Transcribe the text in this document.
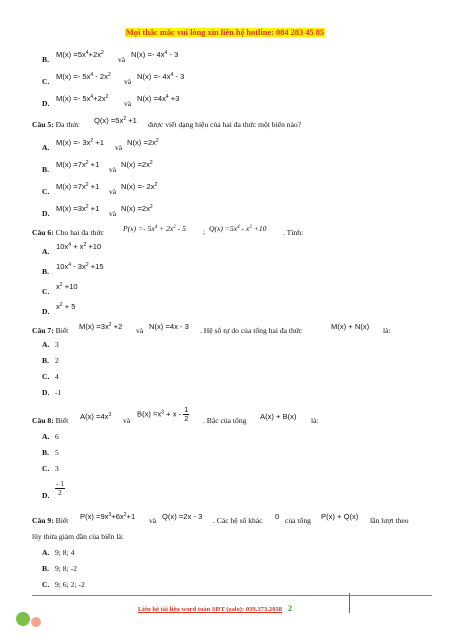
Mọi thắc mắc vui lòng xin liên hệ hotline: 084 283 45 85
B.
$M(x) =5x^4+2x^2$
và
$N(x) =- 4x^4 - 3$
C.
$M(x) =- 5x^4 - 2x^2$
và
$N(x) =- 4x^4 - 3$
D.
$M(x) =- 5x^4+2x^2$
và
$N(x) =4x^4 +3$
Câu 5: Đa thức $Q(x) =5x^2 +1$ được viết dạng hiệu của hai đa thức một biến nào?
A.
$M(x) =- 3x^2 +1$
và
$N(x) =2x^2$
B.
$M(x) =7x^2 +1$
và
$N(x) =2x^2$
C.
$M(x) =7x^2 +1$
và
$N(x) =- 2x^2$
D.
$M(x) =3x^2 +1$
và
$N(x) =2x^2$
Câu 6: Cho hai đa thức	$P(x) =- 5x^4 + 2x^2 - 5$ ; $Q(x) =5x^4 - x^2 +10$ . Tính:
A.
$10x^4 + x^2 +10$
B.
$10x^4 - 3x^2 +15$
C.
$x^2 +10$
D.
$x^2 + 5$
Câu 7: Biết $M(x) =3x^2 +2$ và N(x) =4x - 3 . Hệ số tự do của tổng hai đa thức	M(x) + N(x) là:
A. 3
B. 2
C. 4
D. -1
Câu 8: Biết $A(x) =4x^3$
và
$B(x) =x^3 + x - \frac{1}{2}$ . Bậc của tổng A(x) + B(x) là:
A. 6
B. 5
C. 3
D. $\frac{- 1}{2}$
Câu 9: Biết $P(x) =9x^3+6x^2+1$ và Q(x) =2x - 3 . Các hệ số khác 0 của tổng P(x) + Q(x) lần lượt theo
lũy thừa giảm dần của biến là:
A. 9; 8; 4
B. 9; 8; -2
C. 9; 6; 2; -2
Liên hệ tài liệu word toán SĐT (zalo): 039.373.2038 2
